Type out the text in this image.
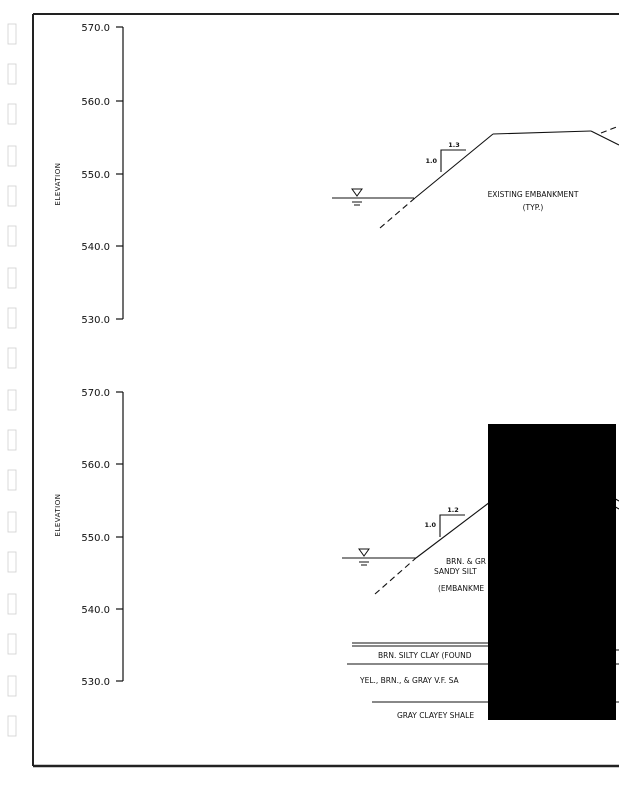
ELEVATION
570.0
560.0
550.0
540.0
530.0
1.0
1.3
EXISTING EMBANKMENT
(TYP.)
ELEVATION
570.0
560.0
550.0
540.0
530.0
1.0
1.2
BRN. & GR
SANDY SILT
(EMBANKME
BRN. SILTY CLAY (FOUND
YEL., BRN., & GRAY V.F. SA
GRAY CLAYEY SHALE
